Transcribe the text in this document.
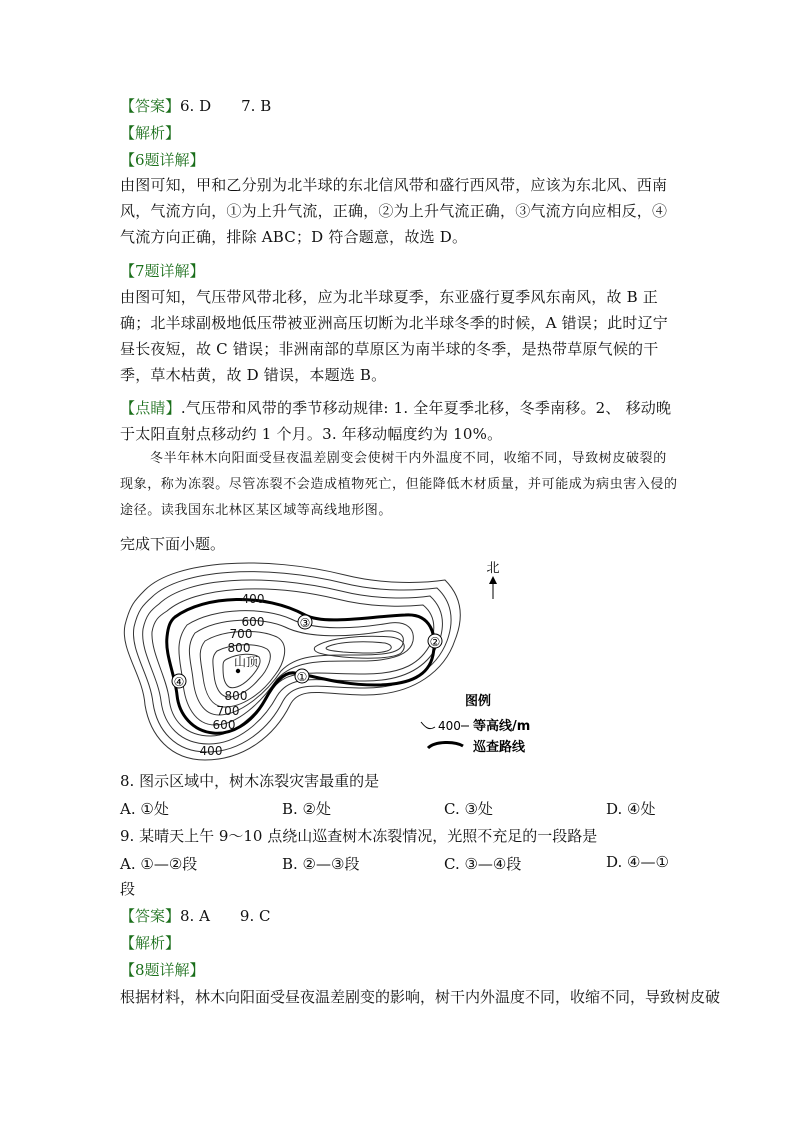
【答案】6. D　　7. B
【解析】
【6题详解】
由图可知，甲和乙分别为北半球的东北信风带和盛行西风带，应该为东北风、西南风，气流方向，①为上升气流，正确，②为上升气流正确，③气流方向应相反，④气流方向正确，排除 ABC；D 符合题意，故选 D。
【7题详解】
由图可知，气压带风带北移，应为北半球夏季，东亚盛行夏季风东南风，故 B 正确；北半球副极地低压带被亚洲高压切断为北半球冬季的时候，A 错误；此时辽宁昼长夜短，故 C 错误；非洲南部的草原区为南半球的冬季，是热带草原气候的干季，草木枯黄，故 D 错误，本题选 B。
【点睛】.气压带和风带的季节移动规律: 1. 全年夏季北移，冬季南移。2、 移动晚于太阳直射点移动约 1 个月。3. 年移动幅度约为 10%。
冬半年林木向阳面受昼夜温差剧变会使树干内外温度不同，收缩不同，导致树皮破裂的现象，称为冻裂。尽管冻裂不会造成植物死亡，但能降低木材质量，并可能成为病虫害入侵的途径。读我国东北林区某区域等高线地形图。
完成下面小题。
400
600
700
800
800
700
600
400
山顶
①
②
③
④
北
图例
400 等高线/m
巡查路线
8. 图示区域中，树木冻裂灾害最重的是
A. ①处	B. ②处	C. ③处	D. ④处
9. 某晴天上午 9～10 点绕山巡查树木冻裂情况，光照不充足的一段路是
A. ①—②段	B. ②—③段	C. ③—④段	D. ④—①
段
【答案】8. A　　9. C
【解析】
【8题详解】
根据材料，林木向阳面受昼夜温差剧变的影响，树干内外温度不同，收缩不同，导致树皮破
